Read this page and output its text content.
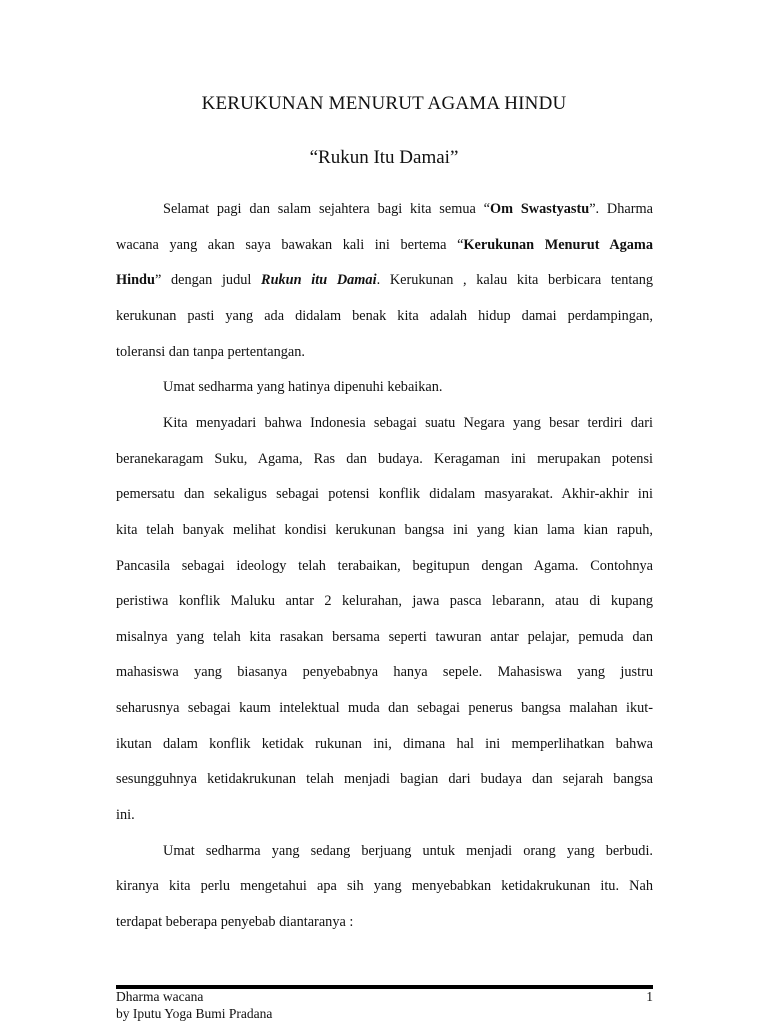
KERUKUNAN MENURUT AGAMA HINDU
“Rukun Itu Damai”
Selamat pagi dan salam sejahtera bagi kita semua “Om Swastyastu”. Dharma
wacana yang akan saya bawakan kali ini bertema “Kerukunan Menurut Agama
Hindu” dengan judul Rukun itu Damai. Kerukunan , kalau kita berbicara tentang
kerukunan pasti yang ada didalam benak kita adalah hidup damai perdampingan,
toleransi dan tanpa pertentangan.
Umat sedharma yang hatinya dipenuhi kebaikan.
Kita menyadari bahwa Indonesia sebagai suatu Negara yang besar terdiri dari
beranekaragam Suku, Agama, Ras dan budaya. Keragaman ini merupakan potensi
pemersatu dan sekaligus sebagai potensi konflik didalam masyarakat. Akhir-akhir ini
kita telah banyak melihat kondisi kerukunan bangsa ini yang kian lama kian rapuh,
Pancasila sebagai ideology telah terabaikan, begitupun dengan Agama. Contohnya
peristiwa konflik Maluku antar 2 kelurahan, jawa pasca lebarann, atau di kupang
misalnya yang telah kita rasakan bersama seperti tawuran antar pelajar, pemuda dan
mahasiswa yang biasanya penyebabnya hanya sepele. Mahasiswa yang justru
seharusnya sebagai kaum intelektual muda dan sebagai penerus bangsa malahan ikut-
ikutan dalam konflik ketidak rukunan ini, dimana hal ini memperlihatkan bahwa
sesungguhnya ketidakrukunan telah menjadi bagian dari budaya dan sejarah bangsa
ini.
Umat sedharma yang sedang berjuang untuk menjadi orang yang berbudi.
kiranya kita perlu mengetahui apa sih yang menyebabkan ketidakrukunan itu. Nah
terdapat beberapa penyebab diantaranya :
Dharma wacana
by Iputu Yoga Bumi Pradana
1
